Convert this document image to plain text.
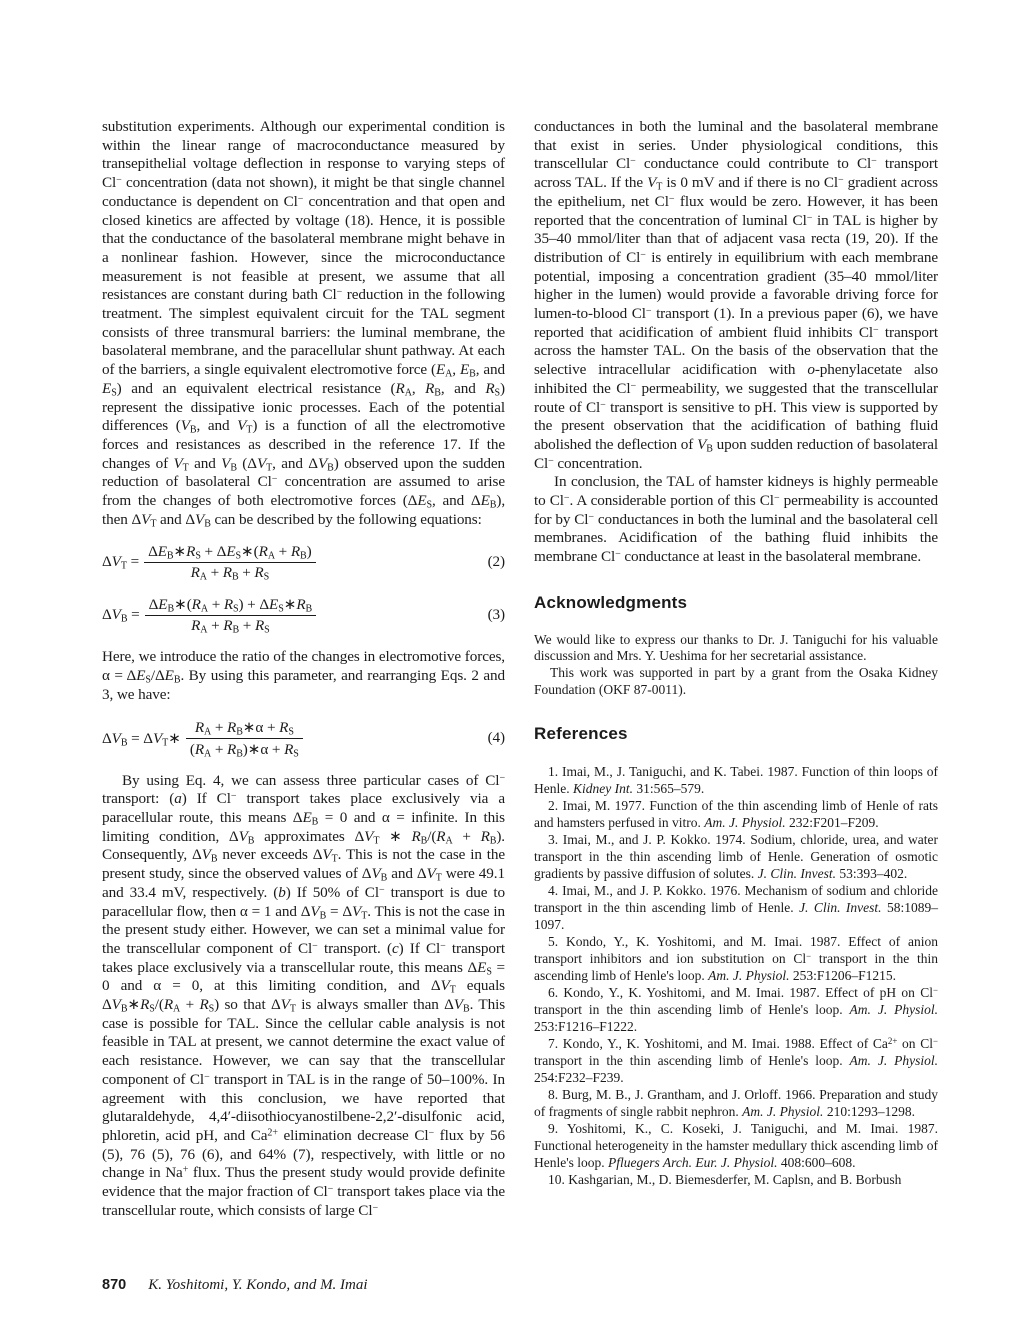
substitution experiments. Although our experimental condition is within the linear range of macroconductance measured by transepithelial voltage deflection in response to varying steps of Cl− concentration (data not shown), it might be that single channel conductance is dependent on Cl− concentration and that open and closed kinetics are affected by voltage (18). Hence, it is possible that the conductance of the basolateral membrane might behave in a nonlinear fashion. However, since the microconductance measurement is not feasible at present, we assume that all resistances are constant during bath Cl− reduction in the following treatment. The simplest equivalent circuit for the TAL segment consists of three transmural barriers: the luminal membrane, the basolateral membrane, and the paracellular shunt pathway. At each of the barriers, a single equivalent electromotive force ($E_A$, $E_B$, and $E_S$) and an equivalent electrical resistance ($R_A$, $R_B$, and $R_S$) represent the dissipative ionic processes. Each of the potential differences ($V_B$, and $V_T$) is a function of all the electromotive forces and resistances as described in the reference 17. If the changes of $V_T$ and $V_B$ ($\Delta V_T$, and $\Delta V_B$) observed upon the sudden reduction of basolateral Cl− concentration are assumed to arise from the changes of both electromotive forces ($\Delta E_S$, and $\Delta E_B$), then $\Delta V_T$ and $\Delta V_B$ can be described by the following equations:

$\Delta V_T = \frac{\Delta E_B∗R_S + \Delta E_S∗(R_A + R_B)}{R_A + R_B + R_S}$	(2)
$\Delta V_B = \frac{\Delta E_B∗(R_A + R_S) + \Delta E_S∗R_B}{R_A + R_B + R_S}$	(3)

Here, we introduce the ratio of the changes in electromotive forces, $\alpha = \Delta E_S/\Delta E_B$. By using this parameter, and rearranging Eqs. 2 and 3, we have:

$\Delta V_B$ = $\Delta V_T∗ \frac{R_A + R_B∗\alpha + R_S}{(R_A + R_B)∗\alpha + R_S}$	(4)

By using Eq. 4, we can assess three particular cases of Cl− transport: (a) If Cl− transport takes place exclusively via a paracellular route, this means $\Delta E_B = 0$ and α = infinite. In this limiting condition, $\Delta V_B$ approximates $\Delta V_T$ ∗ $R_B/(R_A + R_B)$. Consequently, $\Delta V_B$ never exceeds $\Delta V_T$. This is not the case in the present study, since the observed values of $\Delta V_B$ and $\Delta V_T$ were 49.1 and 33.4 mV, respectively. (b) If 50% of Cl− transport is due to paracellular flow, then α = 1 and $\Delta V_B = \Delta V_T$. This is not the case in the present study either. However, we can set a minimal value for the transcellular component of Cl− transport. (c) If Cl− transport takes place exclusively via a transcellular route, this means $\Delta E_S = 0$ and α = 0, at this limiting condition, and $\Delta V_T$ equals $\Delta V_B∗R_S/(R_A + R_S)$ so that $\Delta V_T$ is always smaller than $\Delta V_B$. This case is possible for TAL. Since the cellular cable analysis is not feasible in TAL at present, we cannot determine the exact value of each resistance. However, we can say that the transcellular component of Cl− transport in TAL is in the range of 50–100%. In agreement with this conclusion, we have reported that glutaraldehyde, 4,4′-diisothiocyanostilbene-2,2′-disulfonic acid, phloretin, acid pH, and $Ca^{2+}$ elimination decrease Cl− flux by 56 (5), 76 (5), 76 (6), and 64% (7), respectively, with little or no change in Na+ flux. Thus the present study would provide definite evidence that the major fraction of Cl− transport takes place via the transcellular route, which consists of large Cl−

conductances in both the luminal and the basolateral membrane that exist in series. Under physiological conditions, this transcellular Cl− conductance could contribute to Cl− transport across TAL. If the $V_T$ is 0 mV and if there is no Cl− gradient across the epithelium, net Cl− flux would be zero. However, it has been reported that the concentration of luminal Cl− in TAL is higher by 35–40 mmol/liter than that of adjacent vasa recta (19, 20). If the distribution of Cl− is entirely in equilibrium with each membrane potential, imposing a concentration gradient (35–40 mmol/liter higher in the lumen) would provide a favorable driving force for lumen-to-blood Cl− transport (1). In a previous paper (6), we have reported that acidification of ambient fluid inhibits Cl− transport across the hamster TAL. On the basis of the observation that the selective intracellular acidification with o-phenylacetate also inhibited the Cl− permeability, we suggested that the transcellular route of Cl− transport is sensitive to pH. This view is supported by the present observation that the acidification of bathing fluid abolished the deflection of $V_B$ upon sudden reduction of basolateral Cl− concentration.

In conclusion, the TAL of hamster kidneys is highly permeable to Cl−. A considerable portion of this Cl− permeability is accounted for by Cl− conductances in both the luminal and the basolateral cell membranes. Acidification of the bathing fluid inhibits the membrane Cl− conductance at least in the basolateral membrane.

Acknowledgments

We would like to express our thanks to Dr. J. Taniguchi for his valuable discussion and Mrs. Y. Ueshima for her secretarial assistance.

This work was supported in part by a grant from the Osaka Kidney Foundation (OKF 87-0011).

References

1. Imai, M., J. Taniguchi, and K. Tabei. 1987. Function of thin loops of Henle. Kidney Int. 31:565–579.

2. Imai, M. 1977. Function of the thin ascending limb of Henle of rats and hamsters perfused in vitro. Am. J. Physiol. 232:F201–F209.

3. Imai, M., and J. P. Kokko. 1974. Sodium, chloride, urea, and water transport in the thin ascending limb of Henle. Generation of osmotic gradients by passive diffusion of solutes. J. Clin. Invest. 53:393–402.

4. Imai, M., and J. P. Kokko. 1976. Mechanism of sodium and chloride transport in the thin ascending limb of Henle. J. Clin. Invest. 58:1089–1097.

5. Kondo, Y., K. Yoshitomi, and M. Imai. 1987. Effect of anion transport inhibitors and ion substitution on Cl− transport in the thin ascending limb of Henle's loop. Am. J. Physiol. 253:F1206–F1215.

6. Kondo, Y., K. Yoshitomi, and M. Imai. 1987. Effect of pH on Cl− transport in the thin ascending limb of Henle's loop. Am. J. Physiol. 253:F1216–F1222.

7. Kondo, Y., K. Yoshitomi, and M. Imai. 1988. Effect of $Ca^{2+}$ on Cl− transport in the thin ascending limb of Henle's loop. Am. J. Physiol. 254:F232–F239.

8. Burg, M. B., J. Grantham, and J. Orloff. 1966. Preparation and study of fragments of single rabbit nephron. Am. J. Physiol. 210:1293–1298.

9. Yoshitomi, K., C. Koseki, J. Taniguchi, and M. Imai. 1987. Functional heterogeneity in the hamster medullary thick ascending limb of Henle's loop. Pfluegers Arch. Eur. J. Physiol. 408:600–608.

10. Kashgarian, M., D. Biemesderfer, M. Caplsn, and B. Borbush

870 K. Yoshitomi, Y. Kondo, and M. Imai
